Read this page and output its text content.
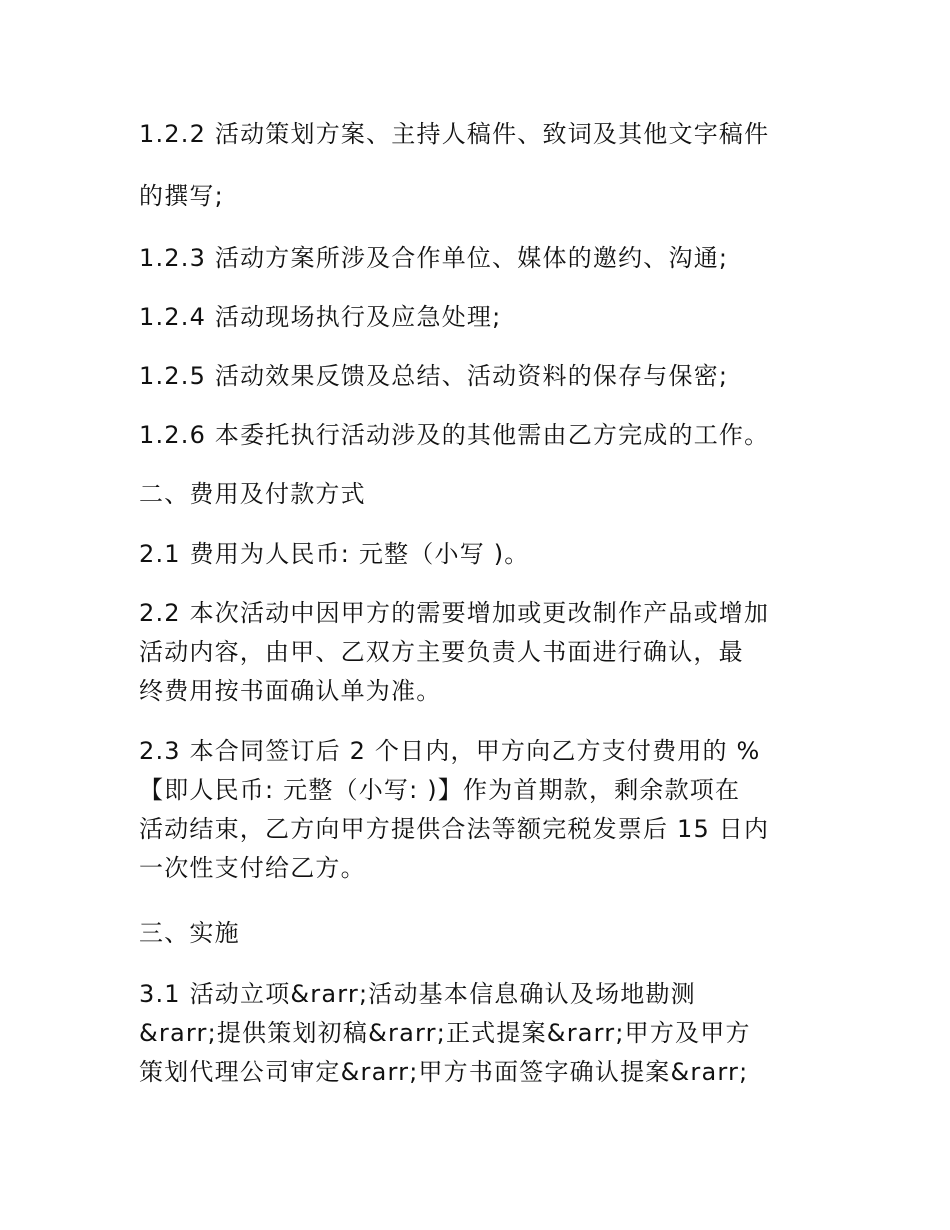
1.2.2 活动策划方案、主持人稿件、致词及其他文字稿件
的撰写;
1.2.3 活动方案所涉及合作单位、媒体的邀约、沟通;
1.2.4 活动现场执行及应急处理;
1.2.5 活动效果反馈及总结、活动资料的保存与保密;
1.2.6 本委托执行活动涉及的其他需由乙方完成的工作。
二、费用及付款方式
2.1 费用为人民币: 元整（小写 )。
2.2 本次活动中因甲方的需要增加或更改制作产品或增加
活动内容，由甲、乙双方主要负责人书面进行确认，最
终费用按书面确认单为准。
2.3 本合同签订后 2 个日内，甲方向乙方支付费用的 %
【即人民币: 元整（小写: )】作为首期款，剩余款项在
活动结束，乙方向甲方提供合法等额完税发票后 15 日内
一次性支付给乙方。
三、实施
3.1 活动立项&rarr;活动基本信息确认及场地勘测
&rarr;提供策划初稿&rarr;正式提案&rarr;甲方及甲方
策划代理公司审定&rarr;甲方书面签字确认提案&rarr;
